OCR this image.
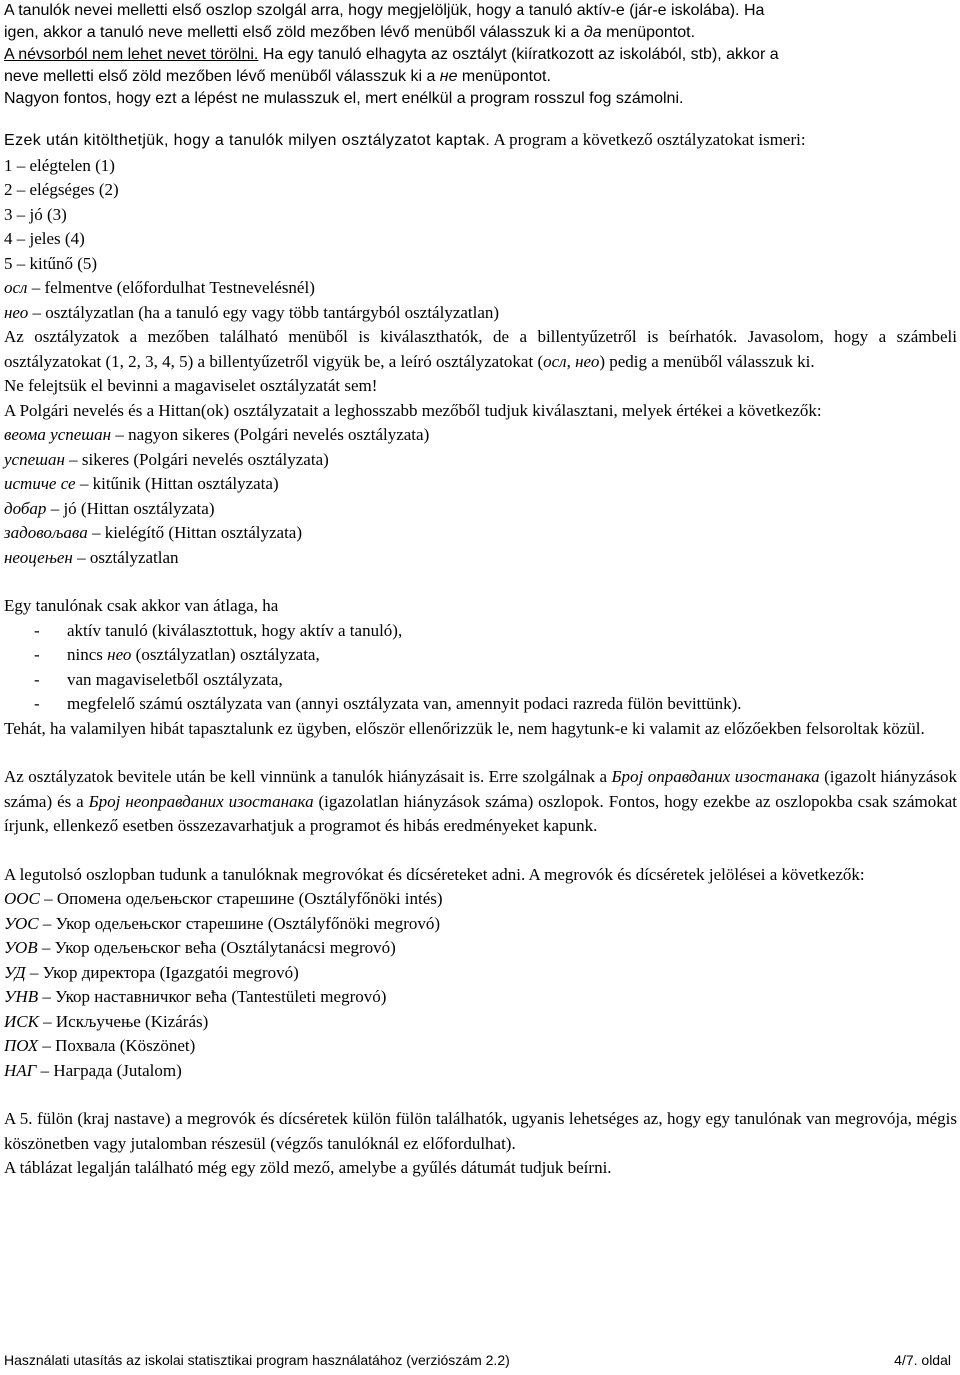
A tanulók nevei melletti első oszlop szolgál arra, hogy megjelöljük, hogy a tanuló aktív-e (jár-e iskolába). Ha

igen, akkor a tanuló neve melletti első zöld mezőben lévő menüből válasszuk ki a да menüpontot.

A névsorból nem lehet nevet törölni. Ha egy tanuló elhagyta az osztályt (kiíratkozott az iskolából, stb), akkor a

neve melletti első zöld mezőben lévő menüből válasszuk ki a не menüpontot.

Nagyon fontos, hogy ezt a lépést ne mulasszuk el, mert enélkül a program rosszul fog számolni.

Ezek után kitölthetjük, hogy a tanulók milyen osztályzatot kaptak. A program a következő osztályzatokat ismeri:

1 – elégtelen (1)

2 – elégséges (2)

3 – jó (3)

4 – jeles (4)

5 – kitűnő (5)

осл – felmentve (előfordulhat Testnevelésnél)

нео – osztályzatlan (ha a tanuló egy vagy több tantárgyból osztályzatlan)

Az osztályzatok a mezőben található menüből is kiválaszthatók, de a billentyűzetről is beírhatók. Javasolom, hogy a számbeli osztályzatokat (1, 2, 3, 4, 5) a billentyűzetről vigyük be, a leíró osztályzatokat (осл, нео) pedig a menüből válasszuk ki.

Ne felejtsük el bevinni a magaviselet osztályzatát sem!

A Polgári nevelés és a Hittan(ok) osztályzatait a leghosszabb mezőből tudjuk kiválasztani, melyek értékei a következők:

веома успешан – nagyon sikeres (Polgári nevelés osztályzata)

успешан – sikeres (Polgári nevelés osztályzata)

истиче се – kitűnik (Hittan osztályzata)

добар – jó (Hittan osztályzata)

задовољава – kielégítő (Hittan osztályzata)

неоцењен – osztályzatlan

Egy tanulónak csak akkor van átlaga, ha

- aktív tanuló (kiválasztottuk, hogy aktív a tanuló),
- nincs нео (osztályzatlan) osztályzata,
- van magaviseletből osztályzata,
- megfelelő számú osztályzata van (annyi osztályzata van, amennyit podaci razreda fülön bevittünk).

Tehát, ha valamilyen hibát tapasztalunk ez ügyben, először ellenőrizzük le, nem hagytunk-e ki valamit az előzőekben felsoroltak közül.

Az osztályzatok bevitele után be kell vinnünk a tanulók hiányzásait is. Erre szolgálnak a Број оправданих изостанака (igazolt hiányzások száma) és a Број неоправданих изостанака (igazolatlan hiányzások száma) oszlopok. Fontos, hogy ezekbe az oszlopokba csak számokat írjunk, ellenkező esetben összezavarhatjuk a programot és hibás eredményeket kapunk.

A legutolsó oszlopban tudunk a tanulóknak megrovókat és dícséreteket adni. A megrovók és dícséretek jelölései a következők:

ООС – Опомена одељењског старешине (Osztályfőnöki intés)

УОС – Укор одељењског старешине (Osztályfőnöki megrovó)

УОВ – Укор одељењског већа (Osztálytanácsi megrovó)

УД – Укор директора (Igazgatói megrovó)

УНВ – Укор наставничког већа (Tantestületi megrovó)

ИСК – Искључење (Kizárás)

ПОХ – Похвала (Köszönet)

НАГ – Награда (Jutalom)

A 5. fülön (kraj nastave) a megrovók és dícséretek külön fülön találhatók, ugyanis lehetséges az, hogy egy tanulónak van megrovója, mégis köszönetben vagy jutalomban részesül (végzős tanulóknál ez előfordulhat).

A táblázat legalján található még egy zöld mező, amelybe a gyűlés dátumát tudjuk beírni.

Használati utasítás az iskolai statisztikai program használatához (verziószám 2.2)	4/7. oldal
